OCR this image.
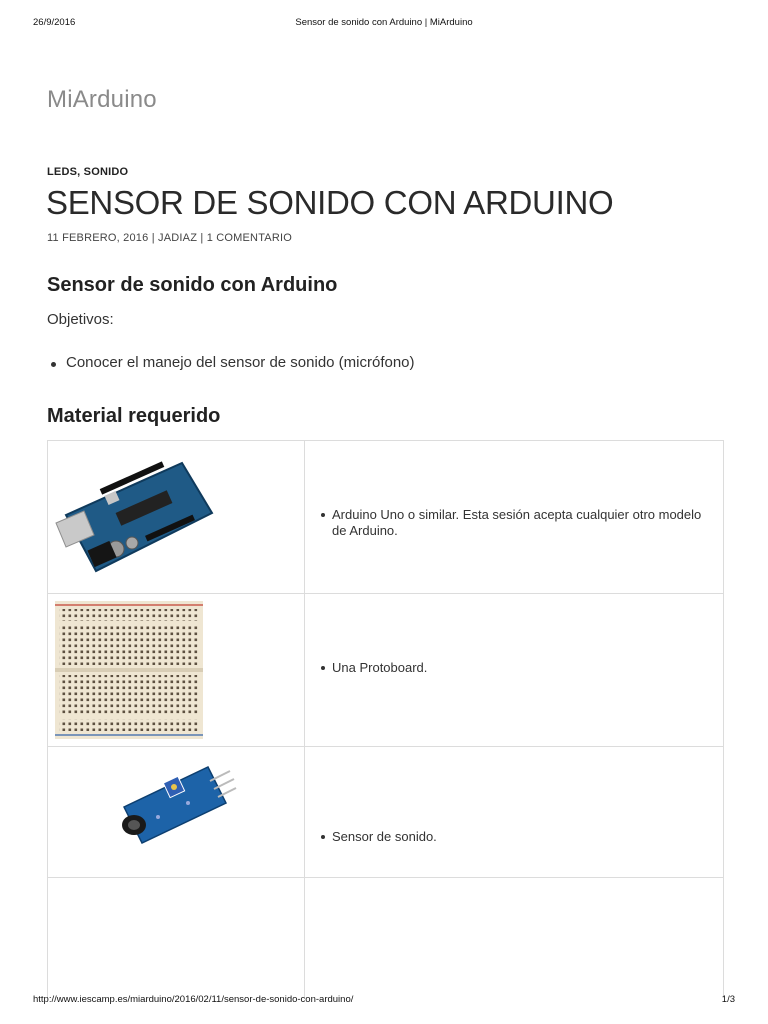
26/9/2016	Sensor de sonido con Arduino | MiArduino
MiArduino
LEDS, SONIDO
SENSOR DE SONIDO CON ARDUINO
11 FEBRERO, 2016 | JADIAZ | 1 COMENTARIO
Sensor de sonido con Arduino
Objetivos:
Conocer el manejo del sensor de sonido (micrófono)
Material requerido
Arduino Uno o similar. Esta sesión acepta cualquier otro modelo de Arduino.
Una Protoboard.
Sensor de sonido.
http://www.iescamp.es/miarduino/2016/02/11/sensor-de-sonido-con-arduino/	1/3
